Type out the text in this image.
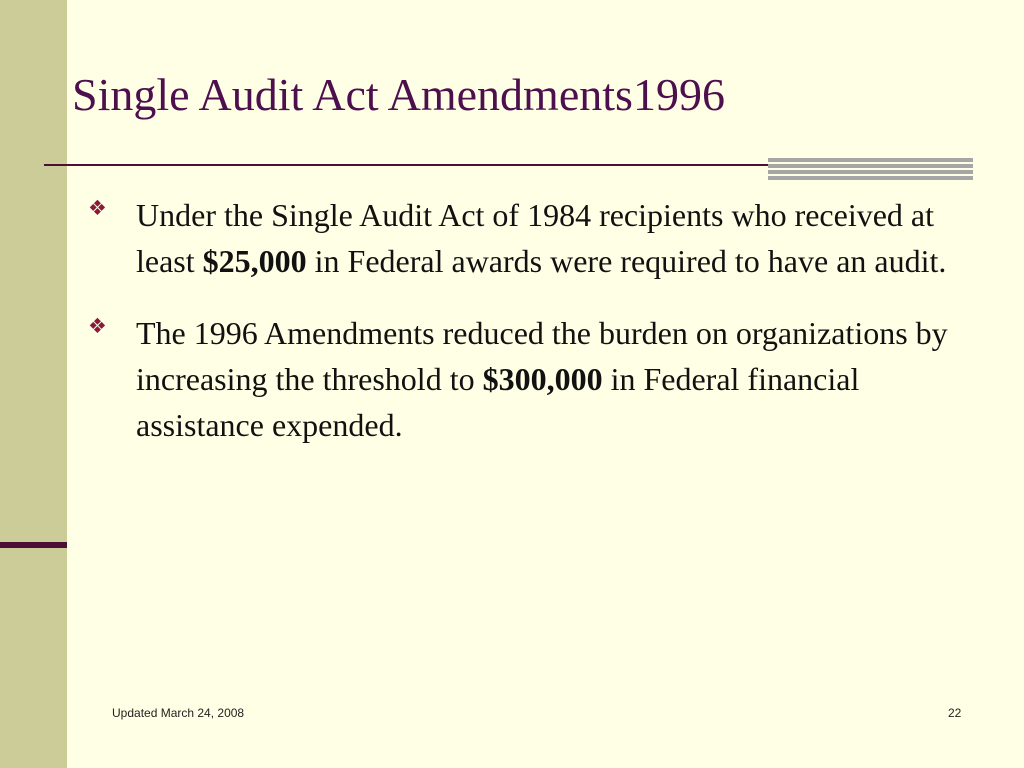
Single Audit Act Amendments1996
❖ Under the Single Audit Act of 1984 recipients who received at least $25,000 in Federal awards were required to have an audit.
❖ The 1996 Amendments reduced the burden on organizations by increasing the threshold to $300,000 in Federal financial assistance expended.
Updated March 24, 2008	22
